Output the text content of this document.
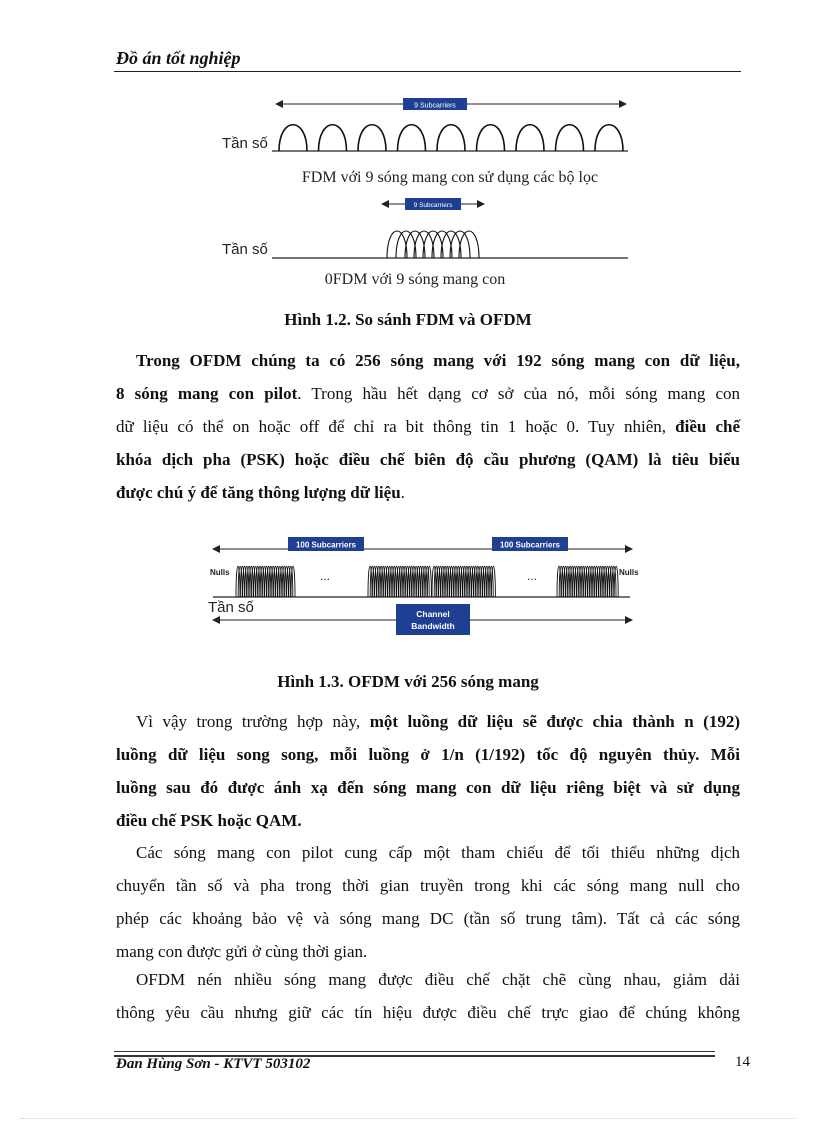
Đồ án tốt nghiệp
9 Subcarriers
Tần số
FDM với 9 sóng mang con sử dụng các bộ lọc
9 Subcarriers
Tần số
0FDM với 9 sóng mang con
Hình 1.2. So sánh FDM và OFDM
Trong OFDM chúng ta có 256 sóng mang với 192 sóng mang con dữ liệu,
8 sóng mang con pilot. Trong hầu hết dạng cơ sở của nó, mỗi sóng mang con
dữ liệu có thể on hoặc off để chỉ ra bit thông tin 1 hoặc 0. Tuy nhiên, điều chế
khóa dịch pha (PSK) hoặc điều chế biên độ cầu phương (QAM) là tiêu biểu
được chú ý để tăng thông lượng dữ liệu.
100 Subcarriers	100 Subcarriers
Nulls	Nulls
...	...
Tần số	Channel
Bandwidth
Hình 1.3. OFDM với 256 sóng mang
Vì vậy trong trường hợp này, một luồng dữ liệu sẽ được chia thành n (192)
luồng dữ liệu song song, mỗi luồng ở 1/n (1/192) tốc độ nguyên thủy. Mỗi
luồng sau đó được ánh xạ đến sóng mang con dữ liệu riêng biệt và sử dụng
điều chế PSK hoặc QAM.
Các sóng mang con pilot cung cấp một tham chiếu để tối thiểu những dịch
chuyển tần số và pha trong thời gian truyền trong khi các sóng mang null cho
phép các khoảng bảo vệ và sóng mang DC (tần số trung tâm). Tất cả các sóng
mang con được gửi ở cùng thời gian.
OFDM nén nhiều sóng mang được điều chế chặt chẽ cùng nhau, giảm dải
thông yêu cầu nhưng giữ các tín hiệu được điều chế trực giao để chúng không
Đan Hùng Sơn - KTVT 503102	14
